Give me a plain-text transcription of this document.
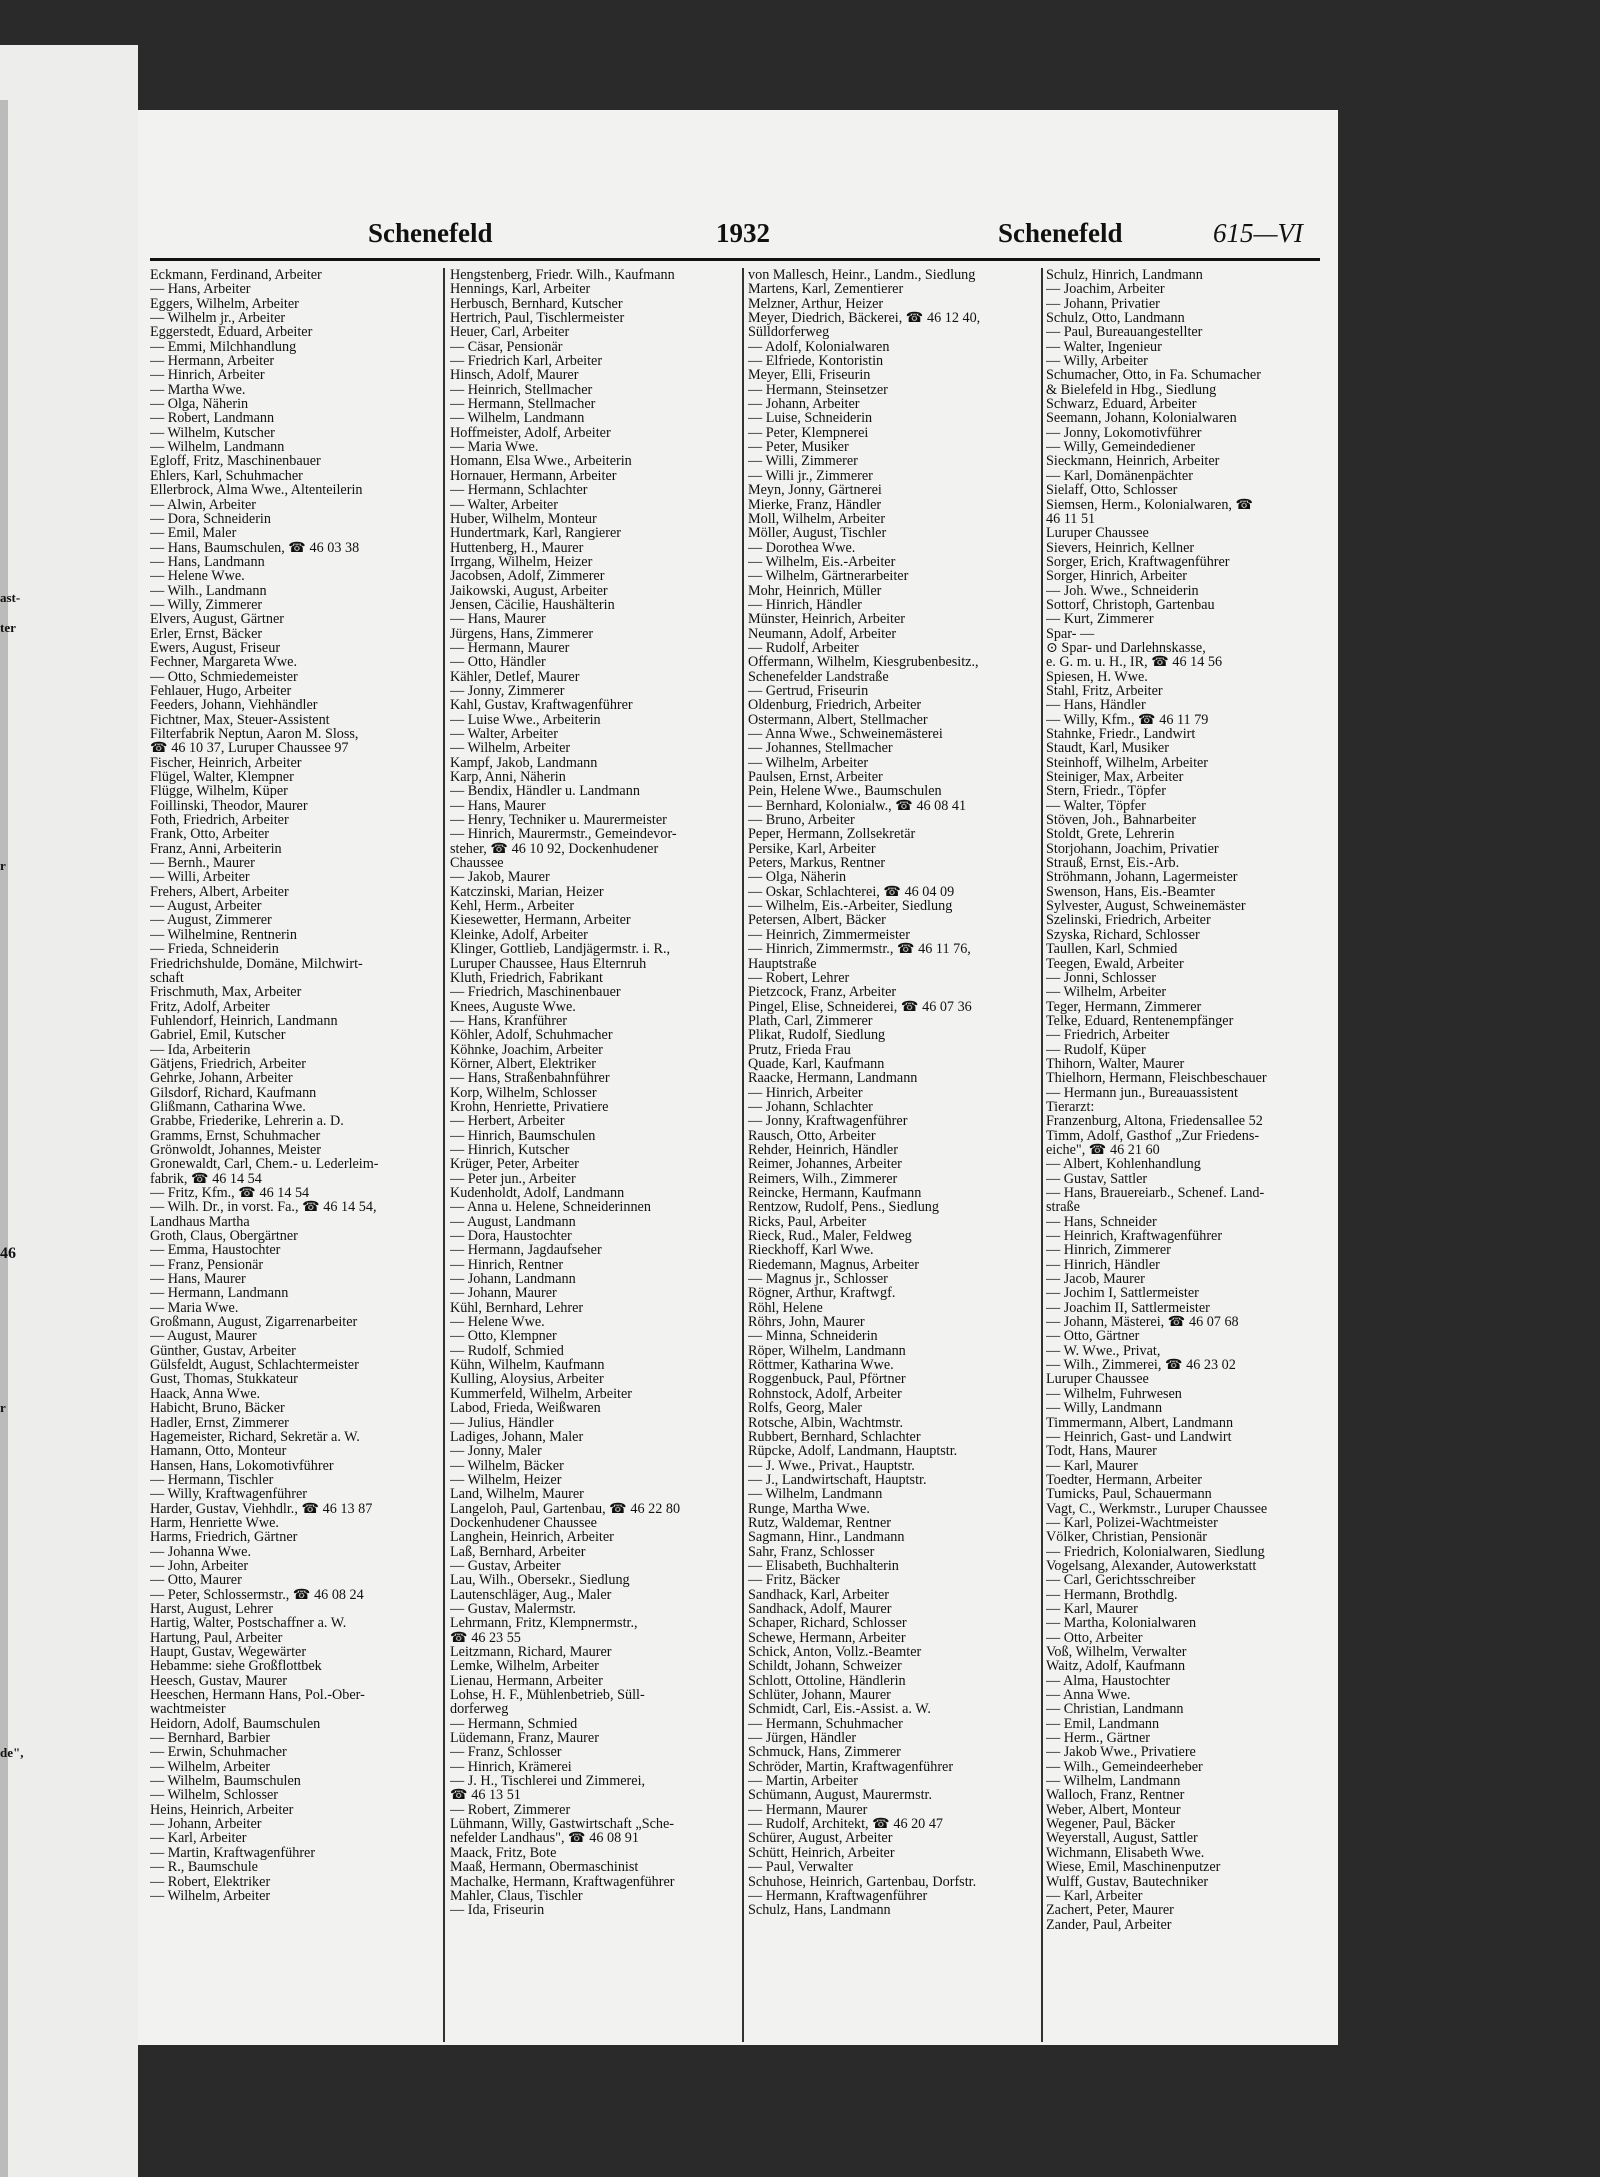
ast-
ter
r
46
r
de",
Schenefeld	1932	Schenefeld	615—VI
Eckmann, Ferdinand, Arbeiter
— Hans, Arbeiter
Eggers, Wilhelm, Arbeiter
— Wilhelm jr., Arbeiter
Eggerstedt, Eduard, Arbeiter
— Emmi, Milchhandlung
— Hermann, Arbeiter
— Hinrich, Arbeiter
— Martha Wwe.
— Olga, Näherin
— Robert, Landmann
— Wilhelm, Kutscher
— Wilhelm, Landmann
Egloff, Fritz, Maschinenbauer
Ehlers, Karl, Schuhmacher
Ellerbrock, Alma Wwe., Altenteilerin
— Alwin, Arbeiter
— Dora, Schneiderin
— Emil, Maler
— Hans, Baumschulen, ☎ 46 03 38
— Hans, Landmann
— Helene Wwe.
— Wilh., Landmann
— Willy, Zimmerer
Elvers, August, Gärtner
Erler, Ernst, Bäcker
Ewers, August, Friseur
Fechner, Margareta Wwe.
— Otto, Schmiedemeister
Fehlauer, Hugo, Arbeiter
Feeders, Johann, Viehhändler
Fichtner, Max, Steuer-Assistent
Filterfabrik Neptun, Aaron M. Sloss,
☎ 46 10 37, Luruper Chaussee 97
Fischer, Heinrich, Arbeiter
Flügel, Walter, Klempner
Flügge, Wilhelm, Küper
Foillinski, Theodor, Maurer
Foth, Friedrich, Arbeiter
Frank, Otto, Arbeiter
Franz, Anni, Arbeiterin
— Bernh., Maurer
— Willi, Arbeiter
Frehers, Albert, Arbeiter
— August, Arbeiter
— August, Zimmerer
— Wilhelmine, Rentnerin
— Frieda, Schneiderin
Friedrichshulde, Domäne, Milchwirt-
schaft
Frischmuth, Max, Arbeiter
Fritz, Adolf, Arbeiter
Fuhlendorf, Heinrich, Landmann
Gabriel, Emil, Kutscher
— Ida, Arbeiterin
Gätjens, Friedrich, Arbeiter
Gehrke, Johann, Arbeiter
Gilsdorf, Richard, Kaufmann
Glißmann, Catharina Wwe.
Grabbe, Friederike, Lehrerin a. D.
Gramms, Ernst, Schuhmacher
Grönwoldt, Johannes, Meister
Gronewaldt, Carl, Chem.- u. Lederleim-
fabrik, ☎ 46 14 54
— Fritz, Kfm., ☎ 46 14 54
— Wilh. Dr., in vorst. Fa., ☎ 46 14 54,
Landhaus Martha
Groth, Claus, Obergärtner
— Emma, Haustochter
— Franz, Pensionär
— Hans, Maurer
— Hermann, Landmann
— Maria Wwe.
Großmann, August, Zigarrenarbeiter
— August, Maurer
Günther, Gustav, Arbeiter
Gülsfeldt, August, Schlachtermeister
Gust, Thomas, Stukkateur
Haack, Anna Wwe.
Habicht, Bruno, Bäcker
Hadler, Ernst, Zimmerer
Hagemeister, Richard, Sekretär a. W.
Hamann, Otto, Monteur
Hansen, Hans, Lokomotivführer
— Hermann, Tischler
— Willy, Kraftwagenführer
Harder, Gustav, Viehhdlr., ☎ 46 13 87
Harm, Henriette Wwe.
Harms, Friedrich, Gärtner
— Johanna Wwe.
— John, Arbeiter
— Otto, Maurer
— Peter, Schlossermstr., ☎ 46 08 24
Harst, August, Lehrer
Hartig, Walter, Postschaffner a. W.
Hartung, Paul, Arbeiter
Haupt, Gustav, Wegewärter
Hebamme: siehe Großflottbek
Heesch, Gustav, Maurer
Heeschen, Hermann Hans, Pol.-Ober-
wachtmeister
Heidorn, Adolf, Baumschulen
— Bernhard, Barbier
— Erwin, Schuhmacher
— Wilhelm, Arbeiter
— Wilhelm, Baumschulen
— Wilhelm, Schlosser
Heins, Heinrich, Arbeiter
— Johann, Arbeiter
— Karl, Arbeiter
— Martin, Kraftwagenführer
— R., Baumschule
— Robert, Elektriker
— Wilhelm, Arbeiter
Hengstenberg, Friedr. Wilh., Kaufmann
Hennings, Karl, Arbeiter
Herbusch, Bernhard, Kutscher
Hertrich, Paul, Tischlermeister
Heuer, Carl, Arbeiter
— Cäsar, Pensionär
— Friedrich Karl, Arbeiter
Hinsch, Adolf, Maurer
— Heinrich, Stellmacher
— Hermann, Stellmacher
— Wilhelm, Landmann
Hoffmeister, Adolf, Arbeiter
— Maria Wwe.
Homann, Elsa Wwe., Arbeiterin
Hornauer, Hermann, Arbeiter
— Hermann, Schlachter
— Walter, Arbeiter
Huber, Wilhelm, Monteur
Hundertmark, Karl, Rangierer
Huttenberg, H., Maurer
Irrgang, Wilhelm, Heizer
Jacobsen, Adolf, Zimmerer
Jaikowski, August, Arbeiter
Jensen, Cäcilie, Haushälterin
— Hans, Maurer
Jürgens, Hans, Zimmerer
— Hermann, Maurer
— Otto, Händler
Kähler, Detlef, Maurer
— Jonny, Zimmerer
Kahl, Gustav, Kraftwagenführer
— Luise Wwe., Arbeiterin
— Walter, Arbeiter
— Wilhelm, Arbeiter
Kampf, Jakob, Landmann
Karp, Anni, Näherin
— Bendix, Händler u. Landmann
— Hans, Maurer
— Henry, Techniker u. Maurermeister
— Hinrich, Maurermstr., Gemeindevor-
steher, ☎ 46 10 92, Dockenhudener
Chaussee
— Jakob, Maurer
Katczinski, Marian, Heizer
Kehl, Herm., Arbeiter
Kiesewetter, Hermann, Arbeiter
Kleinke, Adolf, Arbeiter
Klinger, Gottlieb, Landjägermstr. i. R.,
Luruper Chaussee, Haus Elternruh
Kluth, Friedrich, Fabrikant
— Friedrich, Maschinenbauer
Knees, Auguste Wwe.
— Hans, Kranführer
Köhler, Adolf, Schuhmacher
Köhnke, Joachim, Arbeiter
Körner, Albert, Elektriker
— Hans, Straßenbahnführer
Korp, Wilhelm, Schlosser
Krohn, Henriette, Privatiere
— Herbert, Arbeiter
— Hinrich, Baumschulen
— Hinrich, Kutscher
Krüger, Peter, Arbeiter
— Peter jun., Arbeiter
Kudenholdt, Adolf, Landmann
— Anna u. Helene, Schneiderinnen
— August, Landmann
— Dora, Haustochter
— Hermann, Jagdaufseher
— Hinrich, Rentner
— Johann, Landmann
— Johann, Maurer
Kühl, Bernhard, Lehrer
— Helene Wwe.
— Otto, Klempner
— Rudolf, Schmied
Kühn, Wilhelm, Kaufmann
Kulling, Aloysius, Arbeiter
Kummerfeld, Wilhelm, Arbeiter
Labod, Frieda, Weißwaren
— Julius, Händler
Ladiges, Johann, Maler
— Jonny, Maler
— Wilhelm, Bäcker
— Wilhelm, Heizer
Land, Wilhelm, Maurer
Langeloh, Paul, Gartenbau, ☎ 46 22 80
Dockenhudener Chaussee
Langhein, Heinrich, Arbeiter
Laß, Bernhard, Arbeiter
— Gustav, Arbeiter
Lau, Wilh., Obersekr., Siedlung
Lautenschläger, Aug., Maler
— Gustav, Malermstr.
Lehrmann, Fritz, Klempnermstr.,
☎ 46 23 55
Leitzmann, Richard, Maurer
Lemke, Wilhelm, Arbeiter
Lienau, Hermann, Arbeiter
Lohse, H. F., Mühlenbetrieb, Süll-
dorferweg
— Hermann, Schmied
Lüdemann, Franz, Maurer
— Franz, Schlosser
— Hinrich, Krämerei
— J. H., Tischlerei und Zimmerei,
☎ 46 13 51
— Robert, Zimmerer
Lühmann, Willy, Gastwirtschaft „Sche-
nefelder Landhaus", ☎ 46 08 91
Maack, Fritz, Bote
Maaß, Hermann, Obermaschinist
Machalke, Hermann, Kraftwagenführer
Mahler, Claus, Tischler
— Ida, Friseurin
von Mallesch, Heinr., Landm., Siedlung
Martens, Karl, Zementierer
Melzner, Arthur, Heizer
Meyer, Diedrich, Bäckerei, ☎ 46 12 40,
Sülldorferweg
— Adolf, Kolonialwaren
— Elfriede, Kontoristin
Meyer, Elli, Friseurin
— Hermann, Steinsetzer
— Johann, Arbeiter
— Luise, Schneiderin
— Peter, Klempnerei
— Peter, Musiker
— Willi, Zimmerer
— Willi jr., Zimmerer
Meyn, Jonny, Gärtnerei
Mierke, Franz, Händler
Moll, Wilhelm, Arbeiter
Möller, August, Tischler
— Dorothea Wwe.
— Wilhelm, Eis.-Arbeiter
— Wilhelm, Gärtnerarbeiter
Mohr, Heinrich, Müller
— Hinrich, Händler
Münster, Heinrich, Arbeiter
Neumann, Adolf, Arbeiter
— Rudolf, Arbeiter
Offermann, Wilhelm, Kiesgrubenbesitz.,
Schenefelder Landstraße
— Gertrud, Friseurin
Oldenburg, Friedrich, Arbeiter
Ostermann, Albert, Stellmacher
— Anna Wwe., Schweinemästerei
— Johannes, Stellmacher
— Wilhelm, Arbeiter
Paulsen, Ernst, Arbeiter
Pein, Helene Wwe., Baumschulen
— Bernhard, Kolonialw., ☎ 46 08 41
— Bruno, Arbeiter
Peper, Hermann, Zollsekretär
Persike, Karl, Arbeiter
Peters, Markus, Rentner
— Olga, Näherin
— Oskar, Schlachterei, ☎ 46 04 09
— Wilhelm, Eis.-Arbeiter, Siedlung
Petersen, Albert, Bäcker
— Heinrich, Zimmermeister
— Hinrich, Zimmermstr., ☎ 46 11 76,
Hauptstraße
— Robert, Lehrer
Pietzcock, Franz, Arbeiter
Pingel, Elise, Schneiderei, ☎ 46 07 36
Plath, Carl, Zimmerer
Plikat, Rudolf, Siedlung
Prutz, Frieda Frau
Quade, Karl, Kaufmann
Raacke, Hermann, Landmann
— Hinrich, Arbeiter
— Johann, Schlachter
— Jonny, Kraftwagenführer
Rausch, Otto, Arbeiter
Rehder, Heinrich, Händler
Reimer, Johannes, Arbeiter
Reimers, Wilh., Zimmerer
Reincke, Hermann, Kaufmann
Rentzow, Rudolf, Pens., Siedlung
Ricks, Paul, Arbeiter
Rieck, Rud., Maler, Feldweg
Rieckhoff, Karl Wwe.
Riedemann, Magnus, Arbeiter
— Magnus jr., Schlosser
Rögner, Arthur, Kraftwgf.
Röhl, Helene
Röhrs, John, Maurer
— Minna, Schneiderin
Röper, Wilhelm, Landmann
Röttmer, Katharina Wwe.
Roggenbuck, Paul, Pförtner
Rohnstock, Adolf, Arbeiter
Rolfs, Georg, Maler
Rotsche, Albin, Wachtmstr.
Rubbert, Bernhard, Schlachter
Rüpcke, Adolf, Landmann, Hauptstr.
— J. Wwe., Privat., Hauptstr.
— J., Landwirtschaft, Hauptstr.
— Wilhelm, Landmann
Runge, Martha Wwe.
Rutz, Waldemar, Rentner
Sagmann, Hinr., Landmann
Sahr, Franz, Schlosser
— Elisabeth, Buchhalterin
— Fritz, Bäcker
Sandhack, Karl, Arbeiter
Sandhack, Adolf, Maurer
Schaper, Richard, Schlosser
Schewe, Hermann, Arbeiter
Schick, Anton, Vollz.-Beamter
Schildt, Johann, Schweizer
Schlott, Ottoline, Händlerin
Schlüter, Johann, Maurer
Schmidt, Carl, Eis.-Assist. a. W.
— Hermann, Schuhmacher
— Jürgen, Händler
Schmuck, Hans, Zimmerer
Schröder, Martin, Kraftwagenführer
— Martin, Arbeiter
Schümann, August, Maurermstr.
— Hermann, Maurer
— Rudolf, Architekt, ☎ 46 20 47
Schürer, August, Arbeiter
Schütt, Heinrich, Arbeiter
— Paul, Verwalter
Schuhose, Heinrich, Gartenbau, Dorfstr.
— Hermann, Kraftwagenführer
Schulz, Hans, Landmann
Schulz, Hinrich, Landmann
— Joachim, Arbeiter
— Johann, Privatier
Schulz, Otto, Landmann
— Paul, Bureauangestellter
— Walter, Ingenieur
— Willy, Arbeiter
Schumacher, Otto, in Fa. Schumacher
& Bielefeld in Hbg., Siedlung
Schwarz, Eduard, Arbeiter
Seemann, Johann, Kolonialwaren
— Jonny, Lokomotivführer
— Willy, Gemeindediener
Sieckmann, Heinrich, Arbeiter
— Karl, Domänenpächter
Sielaff, Otto, Schlosser
Siemsen, Herm., Kolonialwaren, ☎
46 11 51
Luruper Chaussee
Sievers, Heinrich, Kellner
Sorger, Erich, Kraftwagenführer
Sorger, Hinrich, Arbeiter
— Joh. Wwe., Schneiderin
Sottorf, Christoph, Gartenbau
— Kurt, Zimmerer
Spar- —
⊙ Spar- und Darlehnskasse,
e. G. m. u. H., IR, ☎ 46 14 56
Spiesen, H. Wwe.
Stahl, Fritz, Arbeiter
— Hans, Händler
— Willy, Kfm., ☎ 46 11 79
Stahnke, Friedr., Landwirt
Staudt, Karl, Musiker
Steinhoff, Wilhelm, Arbeiter
Steiniger, Max, Arbeiter
Stern, Friedr., Töpfer
— Walter, Töpfer
Stöven, Joh., Bahnarbeiter
Stoldt, Grete, Lehrerin
Storjohann, Joachim, Privatier
Strauß, Ernst, Eis.-Arb.
Ströhmann, Johann, Lagermeister
Swenson, Hans, Eis.-Beamter
Sylvester, August, Schweinemäster
Szelinski, Friedrich, Arbeiter
Szyska, Richard, Schlosser
Taullen, Karl, Schmied
Teegen, Ewald, Arbeiter
— Jonni, Schlosser
— Wilhelm, Arbeiter
Teger, Hermann, Zimmerer
Telke, Eduard, Rentenempfänger
— Friedrich, Arbeiter
— Rudolf, Küper
Thihorn, Walter, Maurer
Thielhorn, Hermann, Fleischbeschauer
— Hermann jun., Bureauassistent
Tierarzt:
Franzenburg, Altona, Friedensallee 52
Timm, Adolf, Gasthof „Zur Friedens-
eiche", ☎ 46 21 60
— Albert, Kohlenhandlung
— Gustav, Sattler
— Hans, Brauereiarb., Schenef. Land-
straße
— Hans, Schneider
— Heinrich, Kraftwagenführer
— Hinrich, Zimmerer
— Hinrich, Händler
— Jacob, Maurer
— Jochim I, Sattlermeister
— Joachim II, Sattlermeister
— Johann, Mästerei, ☎ 46 07 68
— Otto, Gärtner
— W. Wwe., Privat,
— Wilh., Zimmerei, ☎ 46 23 02
Luruper Chaussee
— Wilhelm, Fuhrwesen
— Willy, Landmann
Timmermann, Albert, Landmann
— Heinrich, Gast- und Landwirt
Todt, Hans, Maurer
— Karl, Maurer
Toedter, Hermann, Arbeiter
Tumicks, Paul, Schauermann
Vagt, C., Werkmstr., Luruper Chaussee
— Karl, Polizei-Wachtmeister
Völker, Christian, Pensionär
— Friedrich, Kolonialwaren, Siedlung
Vogelsang, Alexander, Autowerkstatt
— Carl, Gerichtsschreiber
— Hermann, Brothdlg.
— Karl, Maurer
— Martha, Kolonialwaren
— Otto, Arbeiter
Voß, Wilhelm, Verwalter
Waitz, Adolf, Kaufmann
— Alma, Haustochter
— Anna Wwe.
— Christian, Landmann
— Emil, Landmann
— Herm., Gärtner
— Jakob Wwe., Privatiere
— Wilh., Gemeindeerheber
— Wilhelm, Landmann
Walloch, Franz, Rentner
Weber, Albert, Monteur
Wegener, Paul, Bäcker
Weyerstall, August, Sattler
Wichmann, Elisabeth Wwe.
Wiese, Emil, Maschinenputzer
Wulff, Gustav, Bautechniker
— Karl, Arbeiter
Zachert, Peter, Maurer
Zander, Paul, Arbeiter
